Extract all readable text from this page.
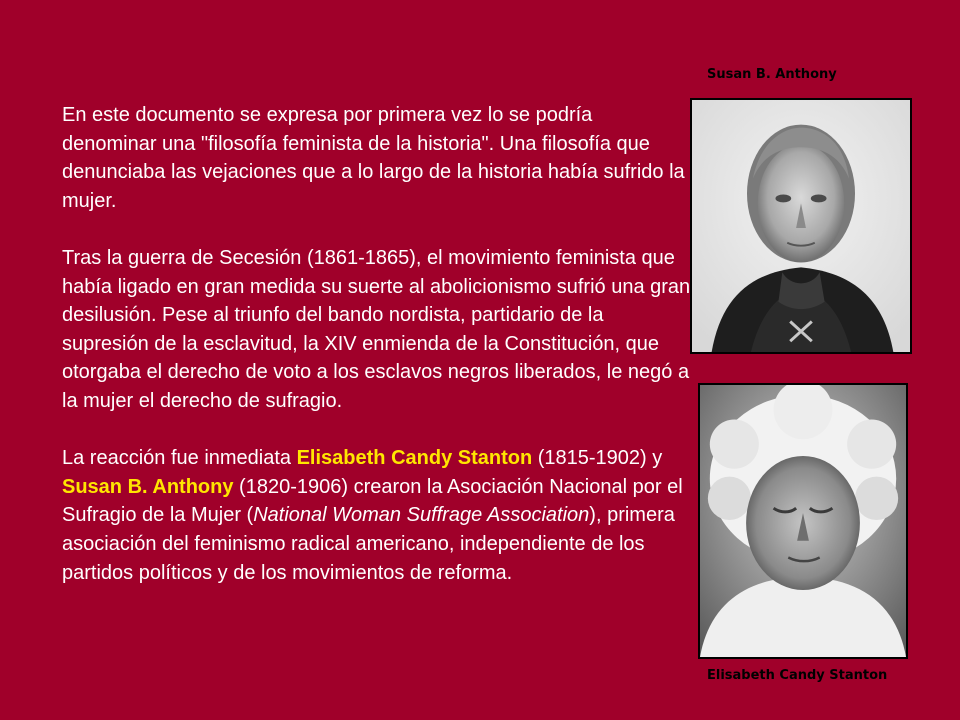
Susan B. Anthony
Elisabeth Candy Stanton

En este documento se expresa por primera vez lo se podría denominar una "filosofía feminista de la historia". Una filosofía que denunciaba las vejaciones que a lo largo de la historia había sufrido la mujer.

Tras la guerra de Secesión (1861-1865), el movimiento feminista que había ligado en gran medida su suerte al abolicionismo sufrió una gran desilusión. Pese al triunfo del bando nordista, partidario de la supresión de la esclavitud, la XIV enmienda de la Constitución, que otorgaba el derecho de voto a los esclavos negros liberados, le negó a la mujer el derecho de sufragio.

La reacción fue inmediata Elisabeth Candy Stanton (1815-1902) y Susan B. Anthony (1820-1906) crearon la Asociación Nacional por el Sufragio de la Mujer (National Woman Suffrage Association), primera asociación del feminismo radical americano, independiente de los partidos políticos y de los movimientos de reforma.
